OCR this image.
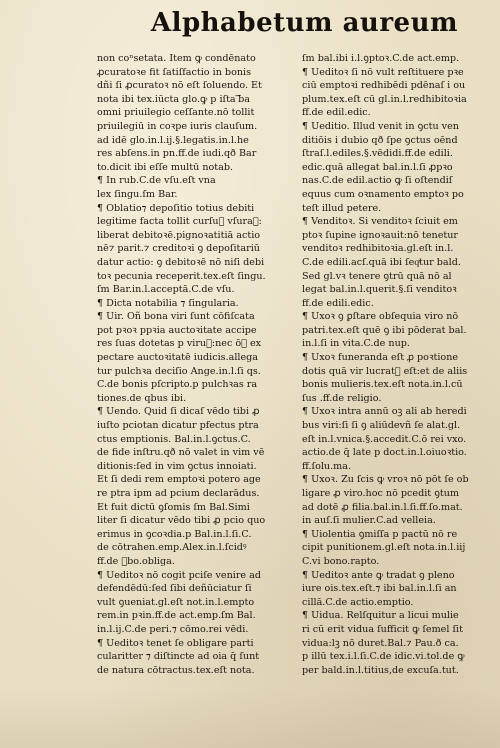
Alphabetum aureum
non coⁿsetata. Item ꝙ condēnato
ꝓcuratoꝛe fit ſatiſfactio in bonis
dñi ſi ꝓcuratoꝛ nō eſt ſoluendo. Et
nota ibi tex.iūcta glo.ꝙ p iſta ᷓba
omni priuilegio ceſſante.nō tollit
priuilegiū in coꝛpe iuris clauſum.
ad idē glo.in.l.ij.§.legatis.in.l.he
res abſens.in pn.ff.de iudi.qð Bar
to.dicit ibi eſſe multū notab.
¶ In rub.C.de vſu.eſt vna
lex ſingu.ſm Bar.
¶ Oblatio⁊ depoſitio totius debiti
legitime facta tollit curſuᷓ vſuraᷓ:
liberat debitoꝛē.pignoꝛatitiā actio
nē⁊ parit.⁊ creditoꝛi ꝯ depoſitariū
datur actio: ꝯ debitoꝛē nō niſi debi
toꝛ pecunia receperit.tex.eſt ſingu.
ſm Bar.in.l.acceptā.C.de vſu.
¶ Dicta notabilia ⁊ ſingularia.
¶ Uir. Oñ bona viri ſunt cōfiſcata
pot pꝛoꝛ ppꝛia auctoꝛitate accipe
res ſuas dotetas p viruᷓ:nec ōꝫ ex
pectare auctoꝛitatē iudicis.allega
tur pulchꝛa deciſio Ange.in.l.ſi qs.
C.de bonis pſcripto.p pulchꝛas ra
tiones.de qbus ibi.
¶ Uendo. Quid ſi dicaſ vēdo tibi ꝓ
iuſto pciotan dicatur pfectus ptra
ctus emptionis. Bal.in.l.ꝯctus.C.
de fide inſtru.qð nō valet in vim vē
ditionis:ſed in vim ꝯctus innoiati.
Et ſi dedi rem emptoꝛi potero age
re ptra ipm ad pcium declarādus.
Et fuit dictū ꝯſomis ſm Bal.Simi
liter ſi dicatur vēdo tibi ꝓ pcio quo
erimus in ꝯcoꝛdia.p Bal.in.l.ſi.C.
de cōtrahen.emp.Alex.in.l.ſcidꝰ
ff.de ᷓbo.obliga.
¶ Ueditoꝛ nō cogit pciſe venire ad
defendēdū:ſed ſibi deñūciatur ſi
vult ꝯueniat.gl.eſt not.in.l.empto
rem.in pꝛin.ff.de act.emp.ſm Bal.
in.l.ij.C.de peri.⁊ cōmo.rei vēdi.
¶ Ueditoꝛ tenet ſe obligare parti
cularitter ⁊ diſtincte ad oia q̄ ſunt
de natura cōtractus.tex.eſt nota.
ſm bal.ibi i.l.ꝯptoꝛ.C.de act.emp.
¶ Ueditoꝛ ſi nō vult reſtituere pꝛe
ciū emptoꝛi redhibēdi pdēnaſ i ou
plum.tex.eſt cū gl.in.l.redhibitoꝛia
ff.de edil.edic.
¶ Ueditio. Illud venit in ꝯctu ven
ditiōis i dubio qð ſpe ꝯctus oēnd
ſtraſ.l.ediles.§.vēdidi.ff.de edili.
edic.quā allegat bal.in.l.ſi ꝓpꝛo
nas.C.de edil.actio ꝙ ſi oſtendiſ
equus cum oꝛnamento emptoꝛ po
teſt illud petere.
¶ Venditoꝛ. Si venditoꝛ ſciuit em
ptoꝛ ſupine ignoꝛauit:nō tenetur
venditoꝛ redhibitoꝛia.gl.eſt in.l.
C.de edili.acſ.quā ibi ſeqͥtur bald.
Sed gl.vꝛ tenere ꝯtrū quā nō al
legat bal.in.l.querit.§.ſi venditoꝛ
ff.de edili.edic.
¶ Uxoꝛ ꝯ ꝑſtare obſequia viro nō
patri.tex.eſt quē ꝯ ibi pōderat bal.
in.l.ſi in vita.C.de nup.
¶ Uxoꝛ funeranda eſt ꝓ poꝛtione
dotis quā vir lucratᷓ eſt:et de aliis
bonis mulieris.tex.eſt nota.in.l.cū
ſus .ff.de religio.
¶ Uxoꝛ intra annū oꝫ ali ab heredi
bus viri:ſi ſi ꝯ aliūdevñ ſe alat.gl.
eſt in.l.vnica.§.accedit.C.ō rei vxo.
actio.de q̄ late p doct.in.l.oiuoꝛtio.
ff.ſolu.ma.
¶ Uxoꝛ. Zu ſcis ꝙ vroꝛ nō pōt ſe ob
ligare ꝓ viro.hoc nō pcedit ꝯtum
ad dotē ꝓ filia.bal.in.l.ſi.ff.ſo.mat.
in auſ.ſi mulier.C.ad velleia.
¶ Uiolentia ꝯmiſſa p pactū nō re
cipit punitionem.gl.eſt nota.in.l.iij
C.vi bono.rapto.
¶ Ueditoꝛ ante ꝙ tradat ꝯ pleno
iure ois.tex.eſt.⁊ ibi bal.in.l.ſi an
cillā.C.de actio.emptio.
¶ Uidua. Relſquitur a licui mulie
ri cū erit vidua ſufficit ꝙ ſemel ſit
vidua:lꝫ nō duret.Bal.⁊ Pau.ð ca.
p illū tex.i.l.ſi.C.de idic.vi.tol.de ꝙ
per bald.in.l.titius,de excuſa.tut.
